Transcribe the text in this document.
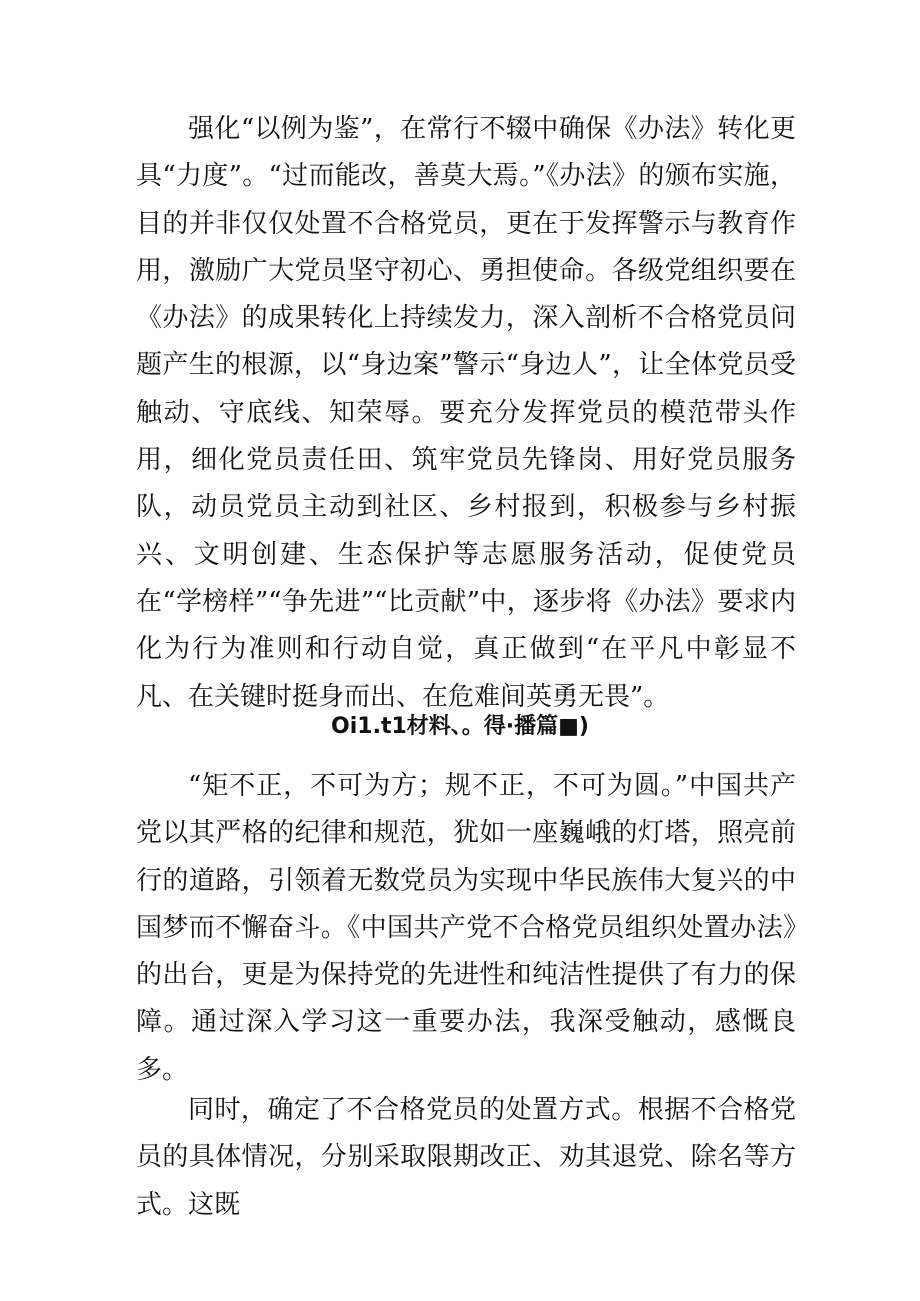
强化“以例为鉴”，在常行不辍中确保《办法》转化更具“力度”。“过而能改，善莫大焉。”《办法》的颁布实施，目的并非仅仅处置不合格党员，更在于发挥警示与教育作用，激励广大党员坚守初心、勇担使命。各级党组织要在《办法》的成果转化上持续发力，深入剖析不合格党员问题产生的根源，以“身边案”警示“身边人”，让全体党员受触动、守底线、知荣辱。要充分发挥党员的模范带头作用，细化党员责任田、筑牢党员先锋岗、用好党员服务队，动员党员主动到社区、乡村报到，积极参与乡村振兴、文明创建、生态保护等志愿服务活动，促使党员在“学榜样”“争先进”“比贡献”中，逐步将《办法》要求内化为行为准则和行动自觉，真正做到“在平凡中彰显不凡、在关键时挺身而出、在危难间英勇无畏”。

Oi1.t1材料、。得·播篇■)

“矩不正，不可为方；规不正，不可为圆。”中国共产党以其严格的纪律和规范，犹如一座巍峨的灯塔，照亮前行的道路，引领着无数党员为实现中华民族伟大复兴的中国梦而不懈奋斗。《中国共产党不合格党员组织处置办法》的出台，更是为保持党的先进性和纯洁性提供了有力的保障。通过深入学习这一重要办法，我深受触动，感慨良多。

同时，确定了不合格党员的处置方式。根据不合格党员的具体情况，分别采取限期改正、劝其退党、除名等方式。这既
